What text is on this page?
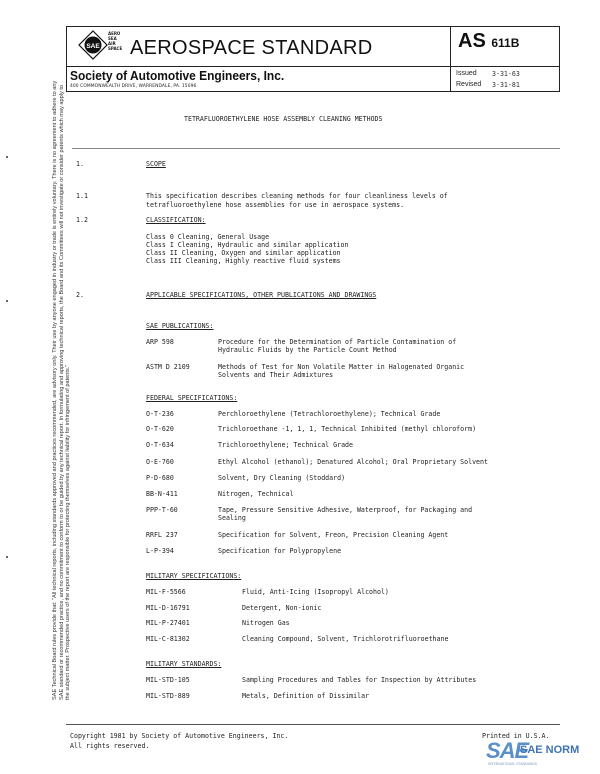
SAE
AERO
SEA
AIR
SPACE AEROSPACE STANDARD	AS 611B
Society of Automotive Engineers, Inc.
400 COMMONWEALTH DRIVE, WARRENDALE, PA. 15096
Issued 3-31-63
Revised 3-31-81
TETRAFLUOROETHYLENE HOSE ASSEMBLY CLEANING METHODS
1.	SCOPE
1.1	This specification describes cleaning methods for four cleanliness levels of
tetrafluoroethylene hose assemblies for use in aerospace systems.
1.2	CLASSIFICATION:
Class 0 Cleaning, General Usage
Class I Cleaning, Hydraulic and similar application
Class II Cleaning, Oxygen and similar application
Class III Cleaning, Highly reactive fluid systems
2.	APPLICABLE SPECIFICATIONS, OTHER PUBLICATIONS AND DRAWINGS
SAE PUBLICATIONS:
ARP 598	Procedure for the Determination of Particle Contamination of
Hydraulic Fluids by the Particle Count Method
ASTM D 2109	Methods of Test for Non Volatile Matter in Halogenated Organic
Solvents and Their Admixtures
FEDERAL SPECIFICATIONS:
O-T-236	Perchloroethylene (Tetrachloroethylene); Technical Grade
O-T-620	Trichloroethane -1, 1, 1, Technical Inhibited (methyl chloroform)
O-T-634	Trichloroethylene; Technical Grade
O-E-760	Ethyl Alcohol (ethanol); Denatured Alcohol; Oral Proprietary Solvent
P-D-680	Solvent, Dry Cleaning (Stoddard)
BB-N-411	Nitrogen, Technical
PPP-T-60	Tape, Pressure Sensitive Adhesive, Waterproof, for Packaging and
Sealing
RRFL 237	Specification for Solvent, Freon, Precision Cleaning Agent
L-P-394	Specification for Polypropylene
MILITARY SPECIFICATIONS:
MIL-F-5566	Fluid, Anti-Icing (Isopropyl Alcohol)
MIL-D-16791	Detergent, Non-ionic
MIL-P-27401	Nitrogen Gas
MIL-C-81302	Cleaning Compound, Solvent, Trichlorotrifluoroethane
MILITARY STANDARDS:
MIL-STD-105	Sampling Procedures and Tables for Inspection by Attributes
MIL-STD-889	Metals, Definition of Dissimilar
SAE Technical Board rules provide that: "All technical reports, including standards approved and practices recommended, are advisory only. Their use by anyone engaged in industry or trade is entirely voluntary. There is no agreement to adhere to any SAE standard or recommended practice, and no commitment to conform to or be guided by any technical report. In formulating and approving technical reports, the Board and its Committees will not investigate or consider patents which may apply to the subject matter. Prospective users of the report are responsible for protecting themselves against liability for infringement of patents."
Copyright 1981 by Society of Automotive Engineers, Inc.
All rights reserved.
Printed in U.S.A.
SAE
SAE NORM
INTERNATIONAL STANDARDS
